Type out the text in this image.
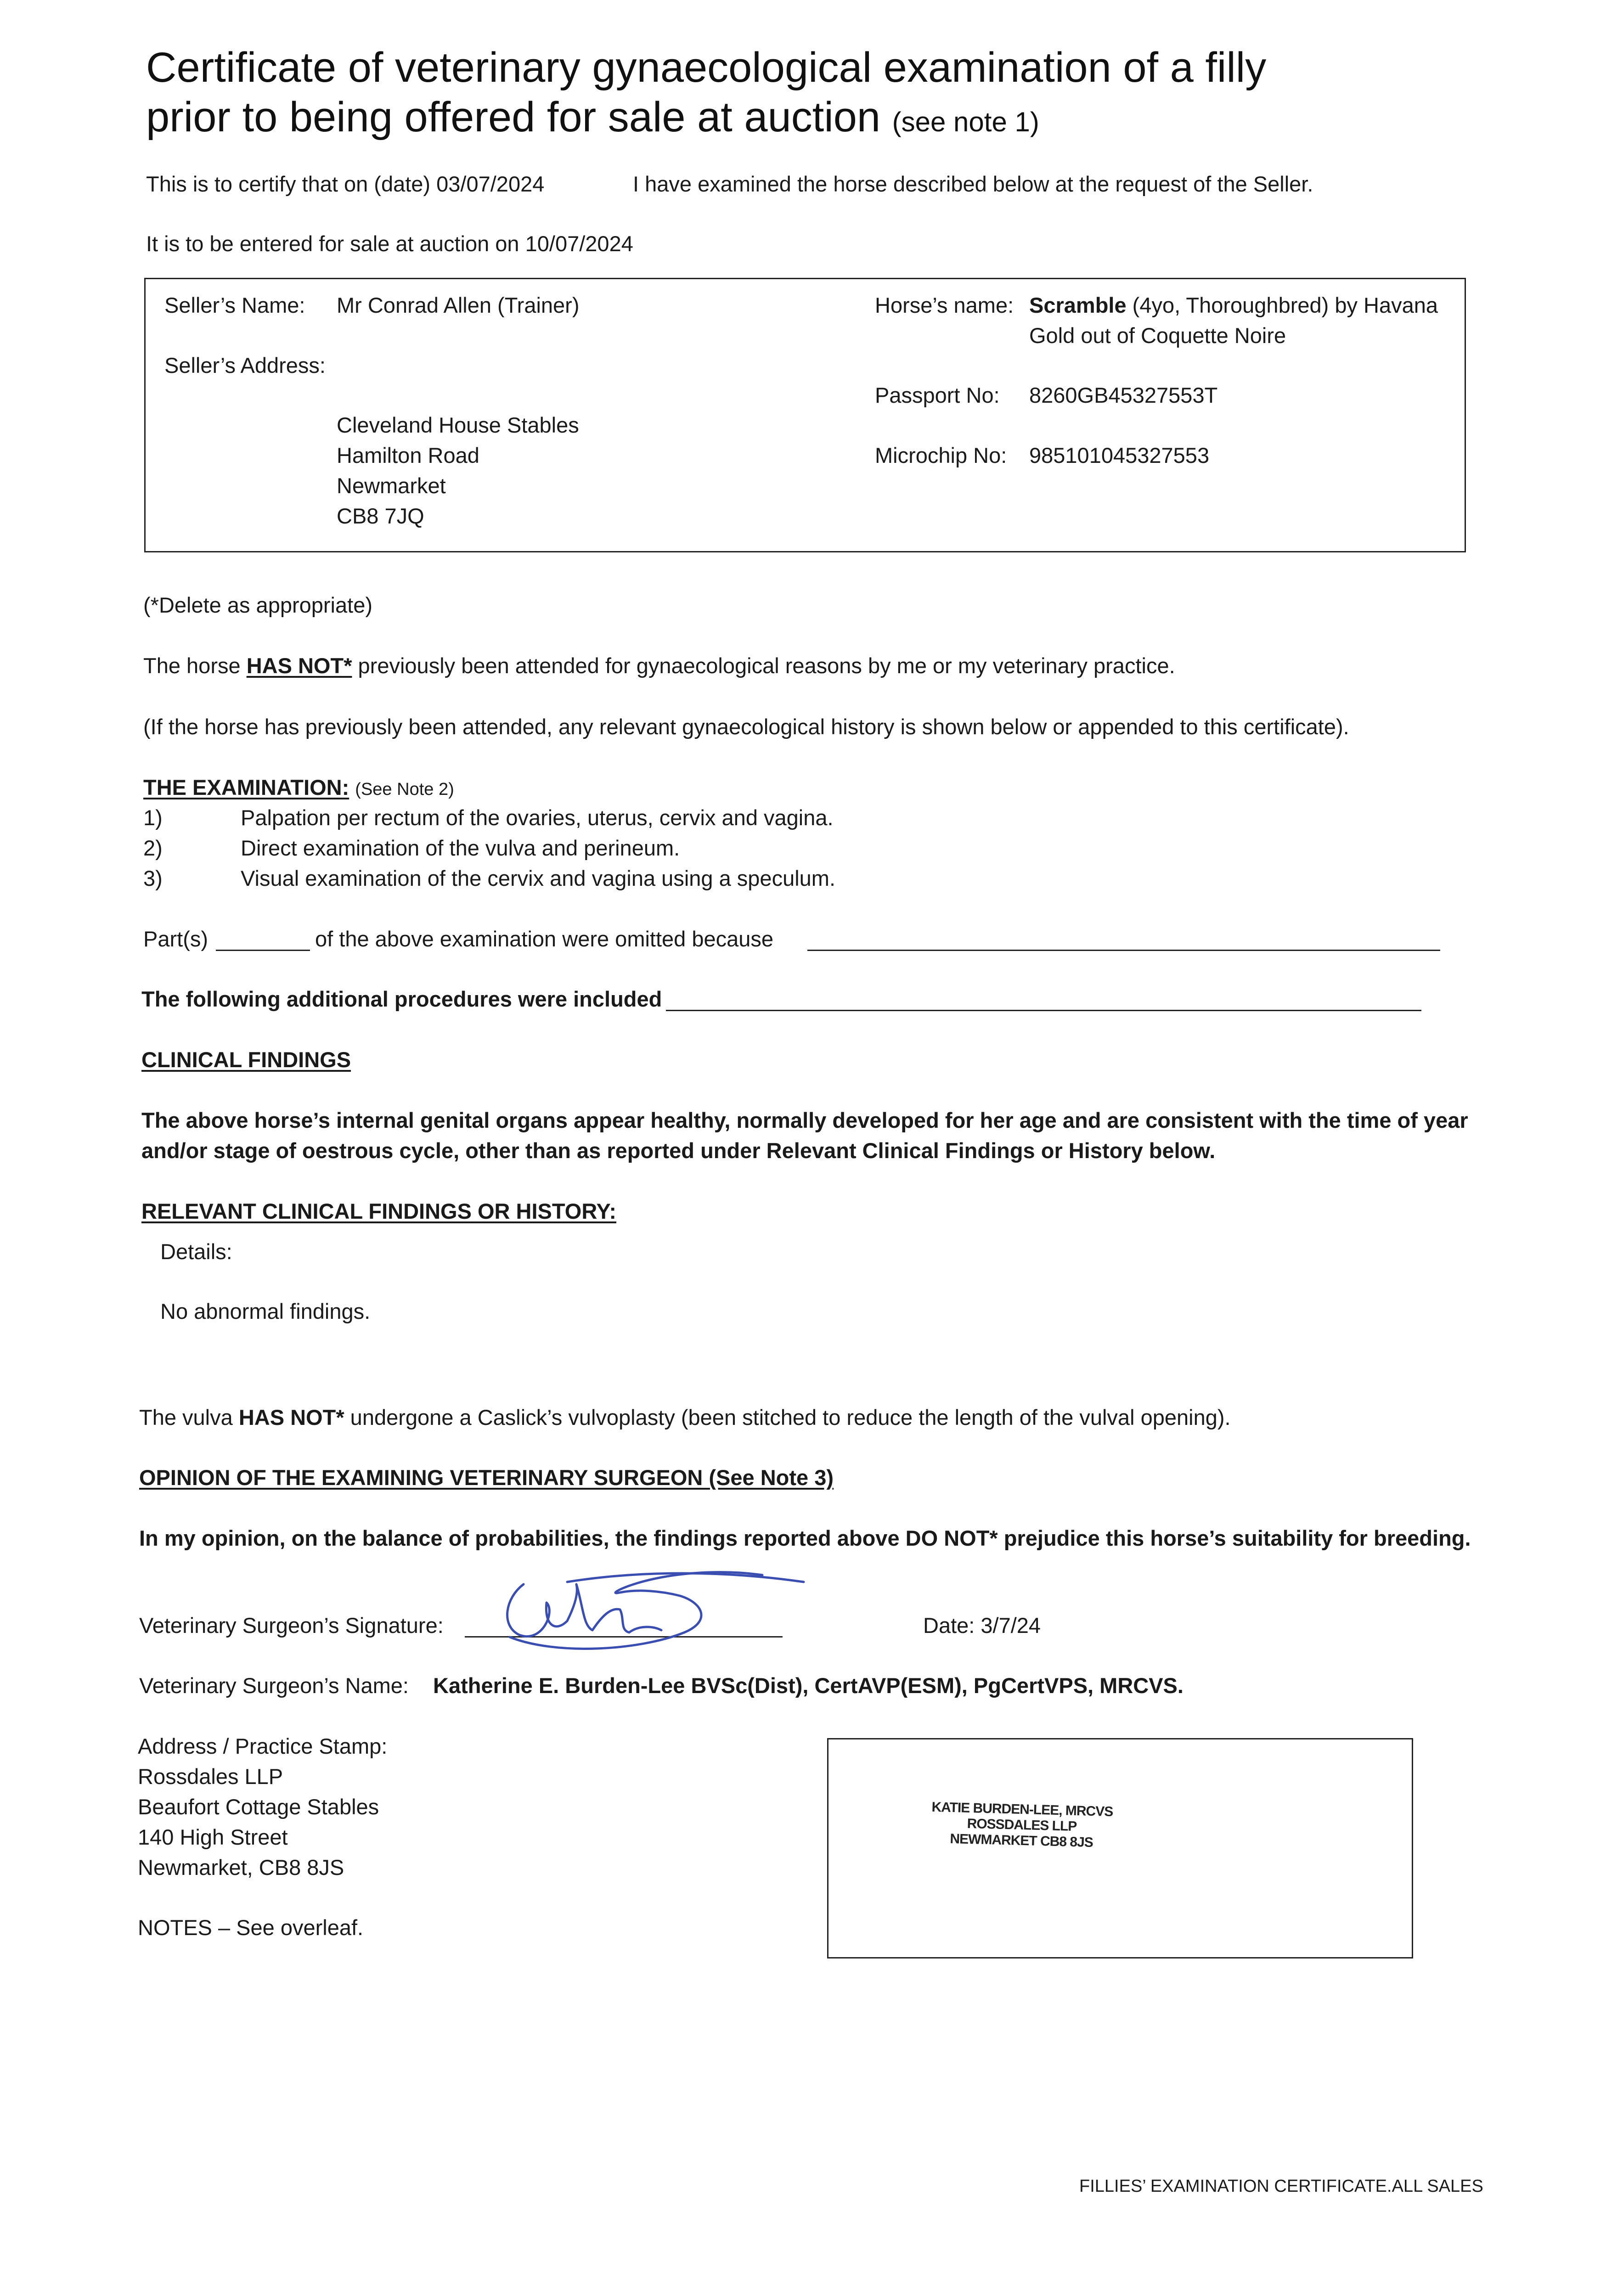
Certificate of veterinary gynaecological examination of a filly
prior to being offered for sale at auction (see note 1)
This is to certify that on (date) 03/07/2024	I have examined the horse described below at the request of the Seller.
It is to be entered for sale at auction on 10/07/2024
Seller’s Name: Mr Conrad Allen (Trainer)
Seller’s Address:
Cleveland House Stables
Hamilton Road
Newmarket
CB8 7JQ
Horse’s name: Scramble (4yo, Thoroughbred) by Havana
Gold out of Coquette Noire
Passport No: 8260GB45327553T
Microchip No: 985101045327553
(*Delete as appropriate)
The horse HAS NOT* previously been attended for gynaecological reasons by me or my veterinary practice.
(If the horse has previously been attended, any relevant gynaecological history is shown below or appended to this certificate).
THE EXAMINATION: (See Note 2)
1)	Palpation per rectum of the ovaries, uterus, cervix and vagina.
2)	Direct examination of the vulva and perineum.
3)	Visual examination of the cervix and vagina using a speculum.
Part(s)	of the above examination were omitted because
The following additional procedures were included
CLINICAL FINDINGS
The above horse’s internal genital organs appear healthy, normally developed for her age and are consistent with the time of year
and/or stage of oestrous cycle, other than as reported under Relevant Clinical Findings or History below.
RELEVANT CLINICAL FINDINGS OR HISTORY:
Details:
No abnormal findings.
The vulva HAS NOT* undergone a Caslick’s vulvoplasty (been stitched to reduce the length of the vulval opening).
OPINION OF THE EXAMINING VETERINARY SURGEON (See Note 3)
In my opinion, on the balance of probabilities, the findings reported above DO NOT* prejudice this horse’s suitability for breeding.
Veterinary Surgeon’s Signature:	Date: 3/7/24
Veterinary Surgeon’s Name: Katherine E. Burden-Lee BVSc(Dist), CertAVP(ESM), PgCertVPS, MRCVS.
Address / Practice Stamp:
Rossdales LLP
Beaufort Cottage Stables
140 High Street
Newmarket, CB8 8JS
KATIE BURDEN-LEE, MRCVS
ROSSDALES LLP
NEWMARKET CB8 8JS
NOTES – See overleaf.
FILLIES’ EXAMINATION CERTIFICATE.ALL SALES
